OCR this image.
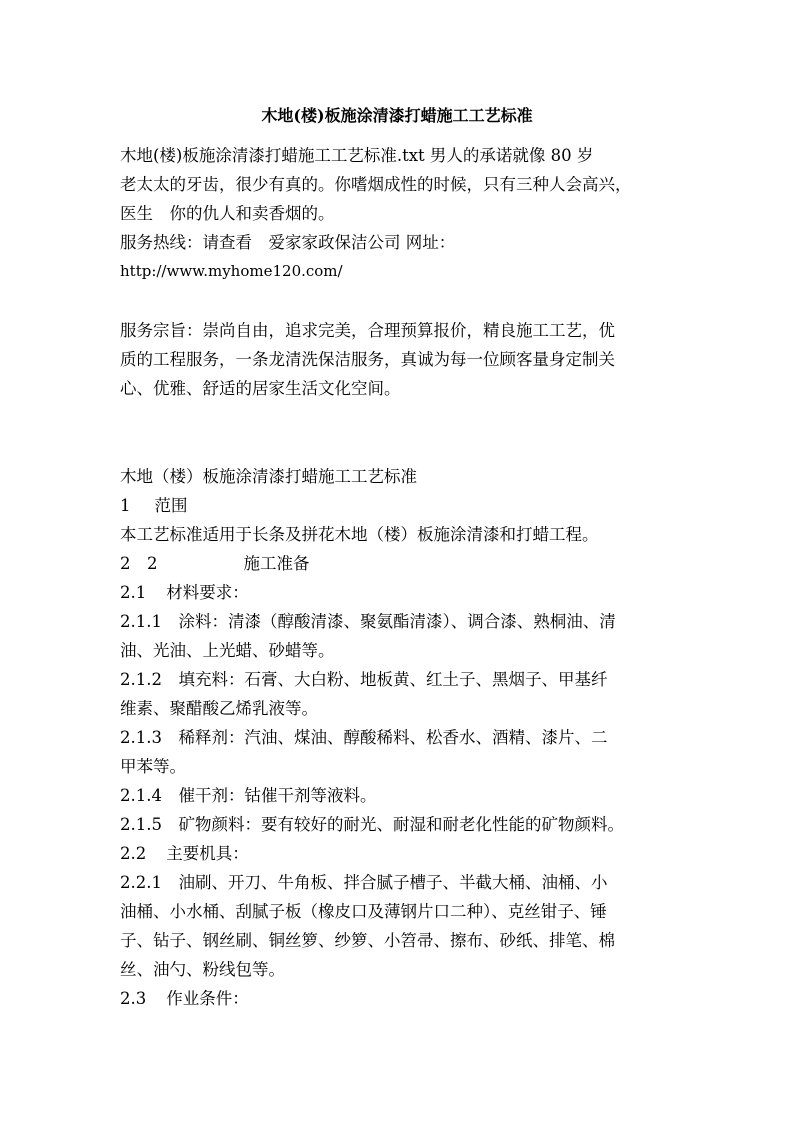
木地(楼)板施涂清漆打蜡施工工艺标准

木地(楼)板施涂清漆打蜡施工工艺标准.txt 男人的承诺就像 80 岁

老太太的牙齿，很少有真的。你嗜烟成性的时候，只有三种人会高兴，

医生　你的仇人和卖香烟的。

服务热线：请查看　爱家家政保洁公司 网址：

http://www.myhome120.com/

服务宗旨：崇尚自由，追求完美，合理预算报价，精良施工工艺，优

质的工程服务，一条龙清洗保洁服务，真诚为每一位顾客量身定制关

心、优雅、舒适的居家生活文化空间。

木地（楼）板施涂清漆打蜡施工工艺标准

1 范围

本工艺标准适用于长条及拼花木地（楼）板施涂清漆和打蜡工程。

2　2	施工准备

2.1 材料要求：

2.1.1　涂料：清漆（醇酸清漆、聚氨酯清漆）、调合漆、熟桐油、清

油、光油、上光蜡、砂蜡等。

2.1.2　填充料：石膏、大白粉、地板黄、红土子、黑烟子、甲基纤

维素、聚醋酸乙烯乳液等。

2.1.3　稀释剂：汽油、煤油、醇酸稀料、松香水、酒精、漆片、二

甲苯等。

2.1.4　催干剂：钴催干剂等液料。

2.1.5　矿物颜料：要有较好的耐光、耐湿和耐老化性能的矿物颜料。

2.2 主要机具：

2.2.1　油刷、开刀、牛角板、拌合腻子槽子、半截大桶、油桶、小

油桶、小水桶、刮腻子板（橡皮口及薄钢片口二种）、克丝钳子、锤

子、钻子、钢丝刷、铜丝箩、纱箩、小笤帚、擦布、砂纸、排笔、棉

丝、油勺、粉线包等。

2.3 作业条件：
